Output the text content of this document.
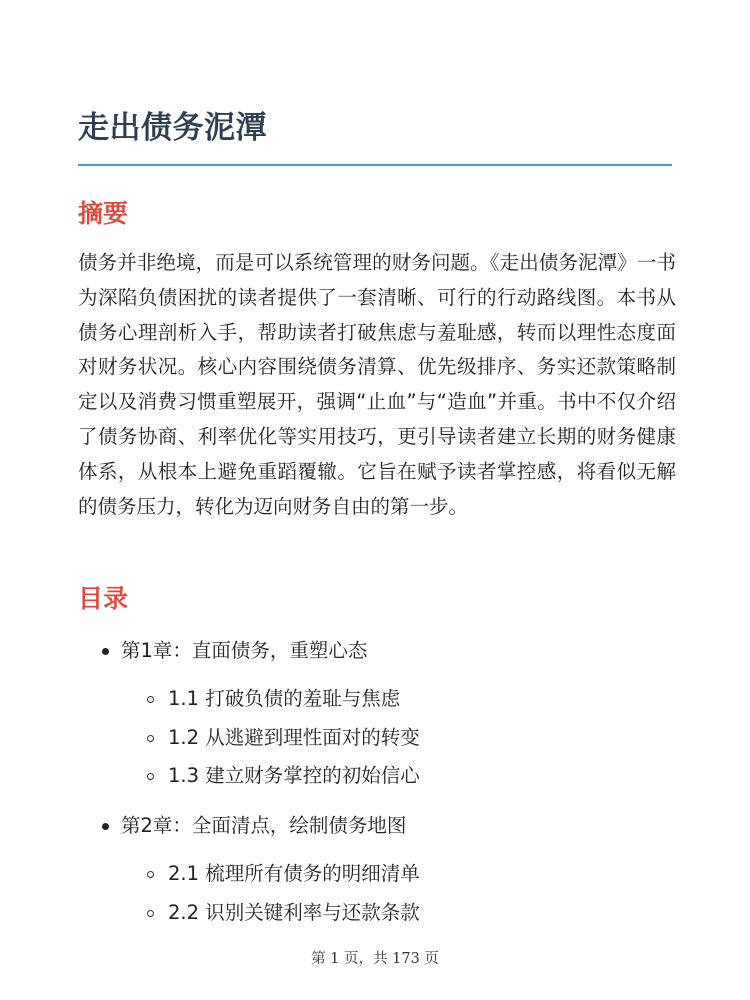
走出债务泥潭
摘要

债务并非绝境，而是可以系统管理的财务问题。《走出债务泥潭》一书为深陷负债困扰的读者提供了一套清晰、可行的行动路线图。本书从债务心理剖析入手，帮助读者打破焦虑与羞耻感，转而以理性态度面对财务状况。核心内容围绕债务清算、优先级排序、务实还款策略制定以及消费习惯重塑展开，强调“止血”与“造血”并重。书中不仅介绍了债务协商、利率优化等实用技巧，更引导读者建立长期的财务健康体系，从根本上避免重蹈覆辙。它旨在赋予读者掌控感，将看似无解的债务压力，转化为迈向财务自由的第一步。

目录
第1章：直面债务，重塑心态
1.1 打破负债的羞耻与焦虑
1.2 从逃避到理性面对的转变
1.3 建立财务掌控的初始信心
第2章：全面清点，绘制债务地图
2.1 梳理所有债务的明细清单
2.2 识别关键利率与还款条款
第 1 页，共 173 页
